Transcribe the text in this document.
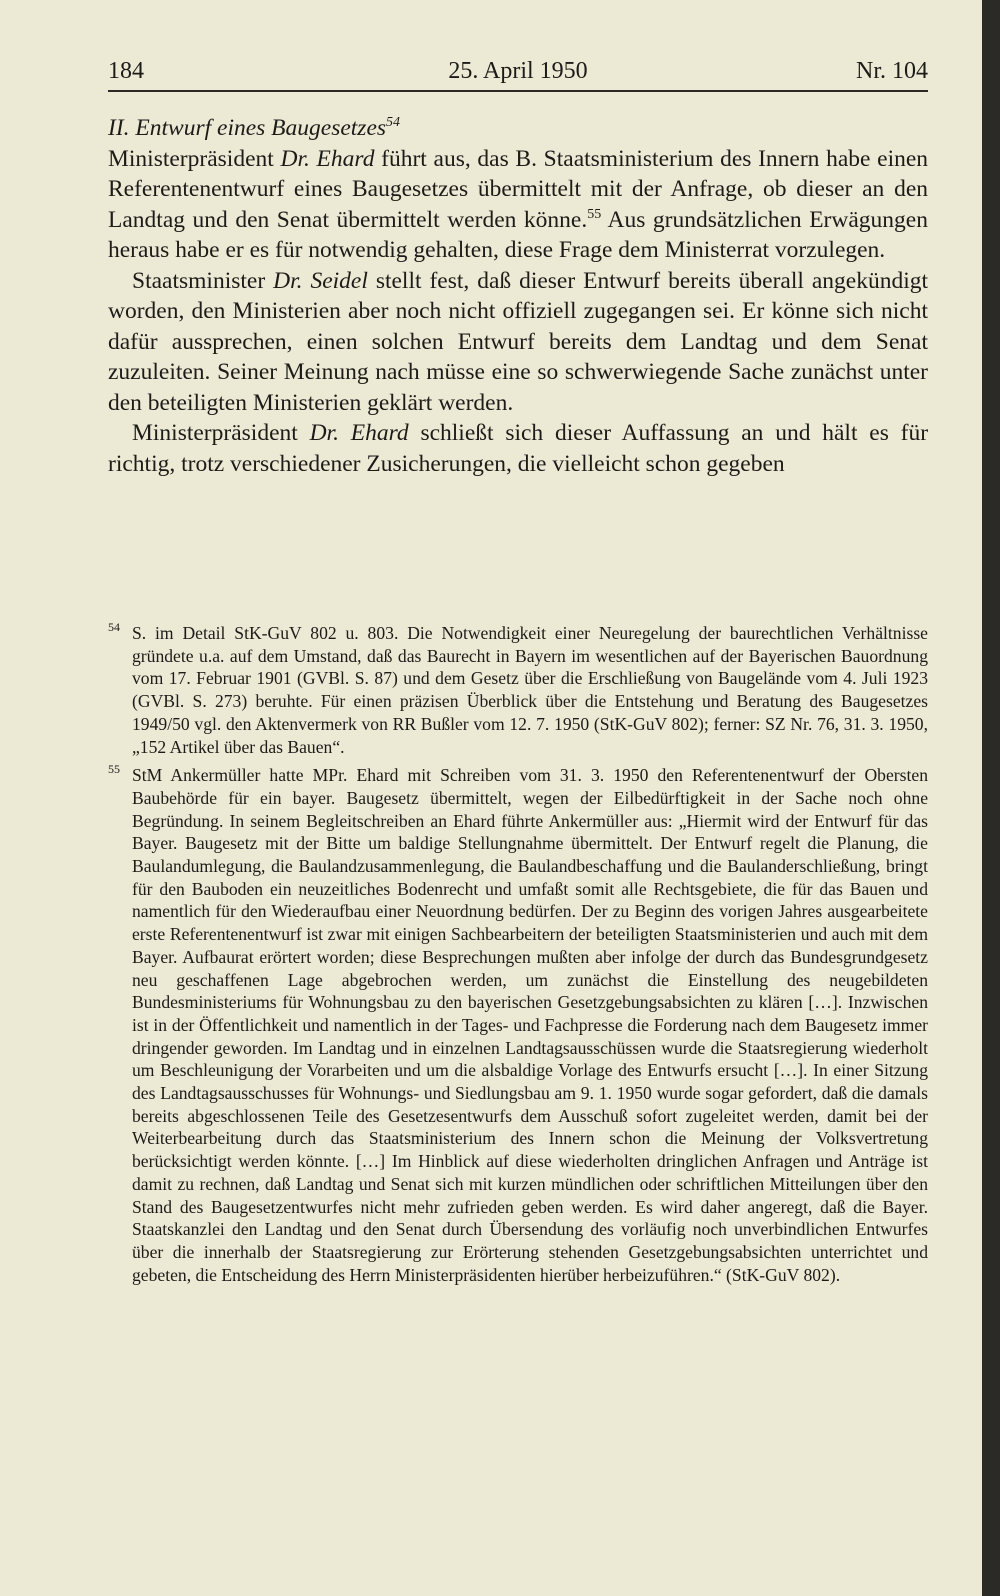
184	25. April 1950	Nr. 104

II. Entwurf eines Baugesetzes$^{54}$

Ministerpräsident Dr. Ehard führt aus, das B. Staatsministerium des Innern habe einen Referentenentwurf eines Baugesetzes übermittelt mit der Anfrage, ob dieser an den Landtag und den Senat übermittelt werden könne.$^{55}$ Aus grundsätzlichen Erwägungen heraus habe er es für notwendig gehalten, diese Frage dem Ministerrat vorzulegen.

Staatsminister Dr. Seidel stellt fest, daß dieser Entwurf bereits überall angekündigt worden, den Ministerien aber noch nicht offiziell zugegangen sei. Er könne sich nicht dafür aussprechen, einen solchen Entwurf bereits dem Landtag und dem Senat zuzuleiten. Seiner Meinung nach müsse eine so schwerwiegende Sache zunächst unter den beteiligten Ministerien geklärt werden.

Ministerpräsident Dr. Ehard schließt sich dieser Auffassung an und hält es für richtig, trotz verschiedener Zusicherungen, die vielleicht schon gegeben

54 S. im Detail StK-GuV 802 u. 803. Die Notwendigkeit einer Neuregelung der baurechtlichen Verhältnisse gründete u.a. auf dem Umstand, daß das Baurecht in Bayern im wesentlichen auf der Bayerischen Bauordnung vom 17. Februar 1901 (GVBl. S. 87) und dem Gesetz über die Erschließung von Baugelände vom 4. Juli 1923 (GVBl. S. 273) beruhte. Für einen präzisen Überblick über die Entstehung und Beratung des Baugesetzes 1949/50 vgl. den Aktenvermerk von RR Bußler vom 12. 7. 1950 (StK-GuV 802); ferner: SZ Nr. 76, 31. 3. 1950, „152 Artikel über das Bauen“.
55 StM Ankermüller hatte MPr. Ehard mit Schreiben vom 31. 3. 1950 den Referentenentwurf der Obersten Baubehörde für ein bayer. Baugesetz übermittelt, wegen der Eilbedürftigkeit in der Sache noch ohne Begründung. In seinem Begleitschreiben an Ehard führte Ankermüller aus: „Hiermit wird der Entwurf für das Bayer. Baugesetz mit der Bitte um baldige Stellungnahme übermittelt. Der Entwurf regelt die Planung, die Baulandumlegung, die Baulandzusammenlegung, die Baulandbeschaffung und die Baulanderschließung, bringt für den Bauboden ein neuzeitliches Bodenrecht und umfaßt somit alle Rechtsgebiete, die für das Bauen und namentlich für den Wiederaufbau einer Neuordnung bedürfen. Der zu Beginn des vorigen Jahres ausgearbeitete erste Referentenentwurf ist zwar mit einigen Sachbearbeitern der beteiligten Staatsministerien und auch mit dem Bayer. Aufbaurat erörtert worden; diese Besprechungen mußten aber infolge der durch das Bundesgrundgesetz neu geschaffenen Lage abgebrochen werden, um zunächst die Einstellung des neugebildeten Bundesministeriums für Wohnungsbau zu den bayerischen Gesetzgebungsabsichten zu klären […]. Inzwischen ist in der Öffentlichkeit und namentlich in der Tages- und Fachpresse die Forderung nach dem Baugesetz immer dringender geworden. Im Landtag und in einzelnen Landtagsausschüssen wurde die Staatsregierung wiederholt um Beschleunigung der Vorarbeiten und um die alsbaldige Vorlage des Entwurfs ersucht […]. In einer Sitzung des Landtagsausschusses für Wohnungs- und Siedlungsbau am 9. 1. 1950 wurde sogar gefordert, daß die damals bereits abgeschlossenen Teile des Gesetzesentwurfs dem Ausschuß sofort zugeleitet werden, damit bei der Weiterbearbeitung durch das Staatsministerium des Innern schon die Meinung der Volksvertretung berücksichtigt werden könnte. […] Im Hinblick auf diese wiederholten dringlichen Anfragen und Anträge ist damit zu rechnen, daß Landtag und Senat sich mit kurzen mündlichen oder schriftlichen Mitteilungen über den Stand des Baugesetzentwurfes nicht mehr zufrieden geben werden. Es wird daher angeregt, daß die Bayer. Staatskanzlei den Landtag und den Senat durch Übersendung des vorläufig noch unverbindlichen Entwurfes über die innerhalb der Staatsregierung zur Erörterung stehenden Gesetzgebungsabsichten unterrichtet und gebeten, die Entscheidung des Herrn Ministerpräsidenten hierüber herbeizuführen.“ (StK-GuV 802).
